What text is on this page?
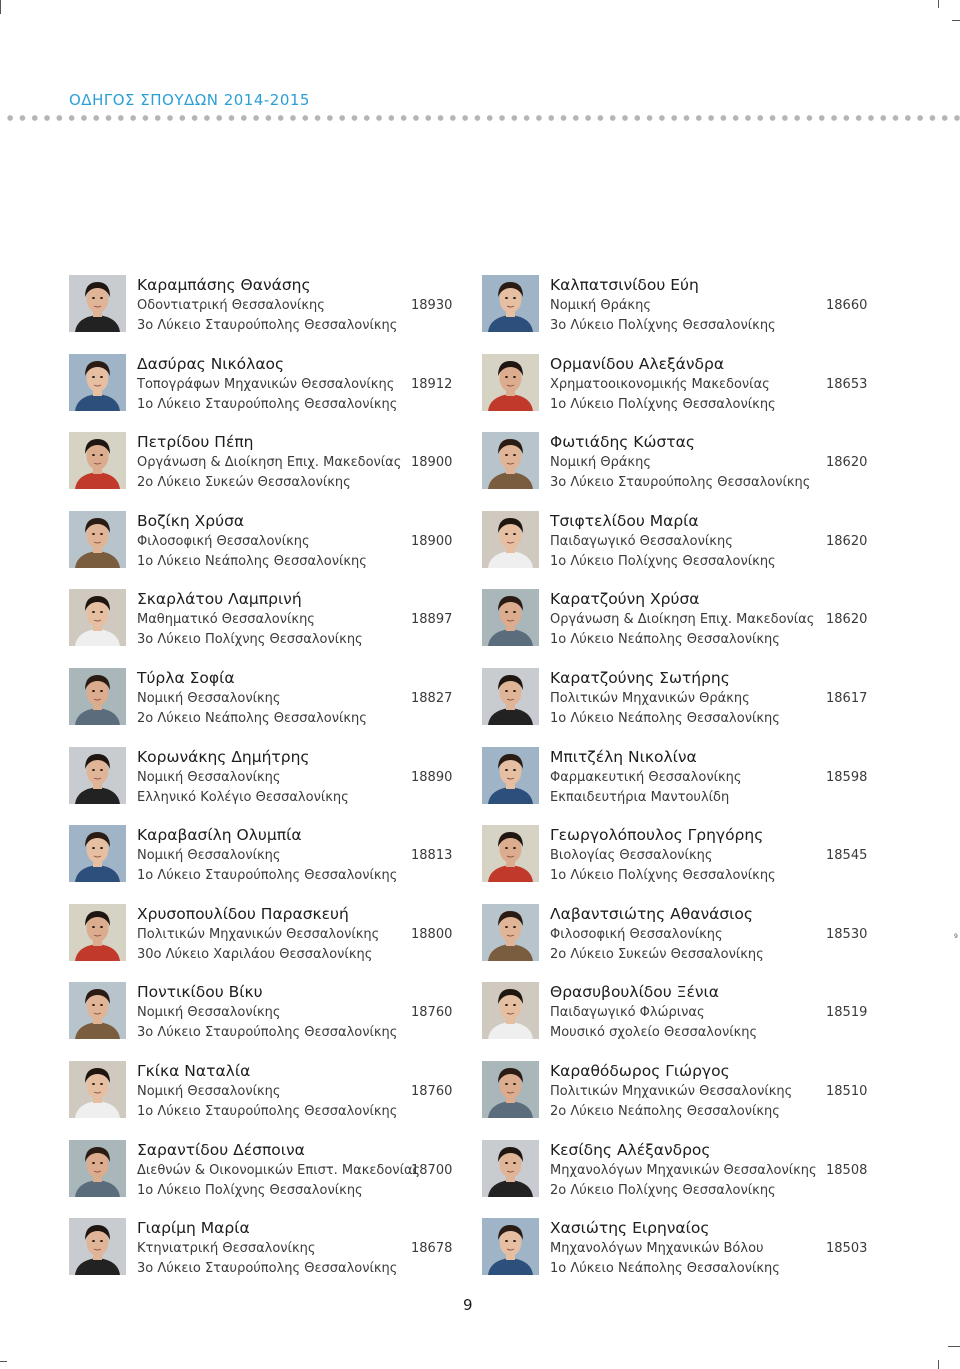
ΟΔΗΓΟΣ ΣΠΟΥΔΩΝ 2014-2015
Καραμπάσης Θανάσης
Οδοντιατρική Θεσσαλονίκης	18930
3ο Λύκειο Σταυρούπολης Θεσσαλονίκης
Δασύρας Νικόλαος
Τοπογράφων Μηχανικών Θεσσαλονίκης 18912
1ο Λύκειο Σταυρούπολης Θεσσαλονίκης
Πετρίδου Πέπη
Οργάνωση & Διοίκηση Επιχ. Μακεδονίας 18900
2ο Λύκειο Συκεών Θεσσαλονίκης
Βοζίκη Χρύσα
Φιλοσοφική Θεσσαλονίκης	18900
1ο Λύκειο Νεάπολης Θεσσαλονίκης
Σκαρλάτου Λαμπρινή
Μαθηματικό Θεσσαλονίκης	18897
3ο Λύκειο Πολίχνης Θεσσαλονίκης
Τύρλα Σοφία
Νομική Θεσσαλονίκης	18827
2ο Λύκειο Νεάπολης Θεσσαλονίκης
Κορωνάκης Δημήτρης
Νομική Θεσσαλονίκης	18890
Ελληνικό Κολέγιο Θεσσαλονίκης
Καραβασίλη Ολυμπία
Νομική Θεσσαλονίκης	18813
1ο Λύκειο Σταυρούπολης Θεσσαλονίκης
Χρυσοπουλίδου Παρασκευή
Πολιτικών Μηχανικών Θεσσαλονίκης 18800
30ο Λύκειο Χαριλάου Θεσσαλονίκης
Ποντικίδου Βίκυ
Νομική Θεσσαλονίκης	18760
3ο Λύκειο Σταυρούπολης Θεσσαλονίκης
Γκίκα Ναταλία
Νομική Θεσσαλονίκης	18760
1ο Λύκειο Σταυρούπολης Θεσσαλονίκης
Σαραντίδου Δέσποινα
Διεθνών & Οικονομικών Επιστ. Μακεδονίας
18700
1ο Λύκειο Πολίχνης Θεσσαλονίκης
Γιαρίμη Μαρία
Κτηνιατρική Θεσσαλονίκης	18678
3ο Λύκειο Σταυρούπολης Θεσσαλονίκης
Καλπατσινίδου Εύη
Νομική Θράκης	18660
3ο Λύκειο Πολίχνης Θεσσαλονίκης
Ορμανίδου Αλεξάνδρα
Χρηματοοικονομικής Μακεδονίας	18653
1ο Λύκειο Πολίχνης Θεσσαλονίκης
Φωτιάδης Κώστας
Νομική Θράκης	18620
3ο Λύκειο Σταυρούπολης Θεσσαλονίκης
Τσιφτελίδου Μαρία
Παιδαγωγικό Θεσσαλονίκης	18620
1ο Λύκειο Πολίχνης Θεσσαλονίκης
Καρατζούνη Χρύσα
Οργάνωση & Διοίκηση Επιχ. Μακεδονίας 18620
1ο Λύκειο Νεάπολης Θεσσαλονίκης
Καρατζούνης Σωτήρης
Πολιτικών Μηχανικών Θράκης	18617
1ο Λύκειο Νεάπολης Θεσσαλονίκης
Μπιτζέλη Νικολίνα
Φαρμακευτική Θεσσαλονίκης	18598
Εκπαιδευτήρια Μαντουλίδη
Γεωργολόπουλος Γρηγόρης
Βιολογίας Θεσσαλονίκης	18545
1ο Λύκειο Πολίχνης Θεσσαλονίκης
Λαβαντσιώτης Αθανάσιος
Φιλοσοφική Θεσσαλονίκης	18530
2ο Λύκειο Συκεών Θεσσαλονίκης
Θρασυβουλίδου Ξένια
Παιδαγωγικό Φλώρινας	18519
Μουσικό σχολείο Θεσσαλονίκης
Καραθόδωρος Γιώργος
Πολιτικών Μηχανικών Θεσσαλονίκης	18510
2ο Λύκειο Νεάπολης Θεσσαλονίκης
Κεσίδης Αλέξανδρος
Μηχανολόγων Μηχανικών Θεσσαλονίκης 18508
2ο Λύκειο Πολίχνης Θεσσαλονίκης
Χασιώτης Ειρηναίος
Μηχανολόγων Μηχανικών Βόλου	18503
1ο Λύκειο Νεάπολης Θεσσαλονίκης
9
9
